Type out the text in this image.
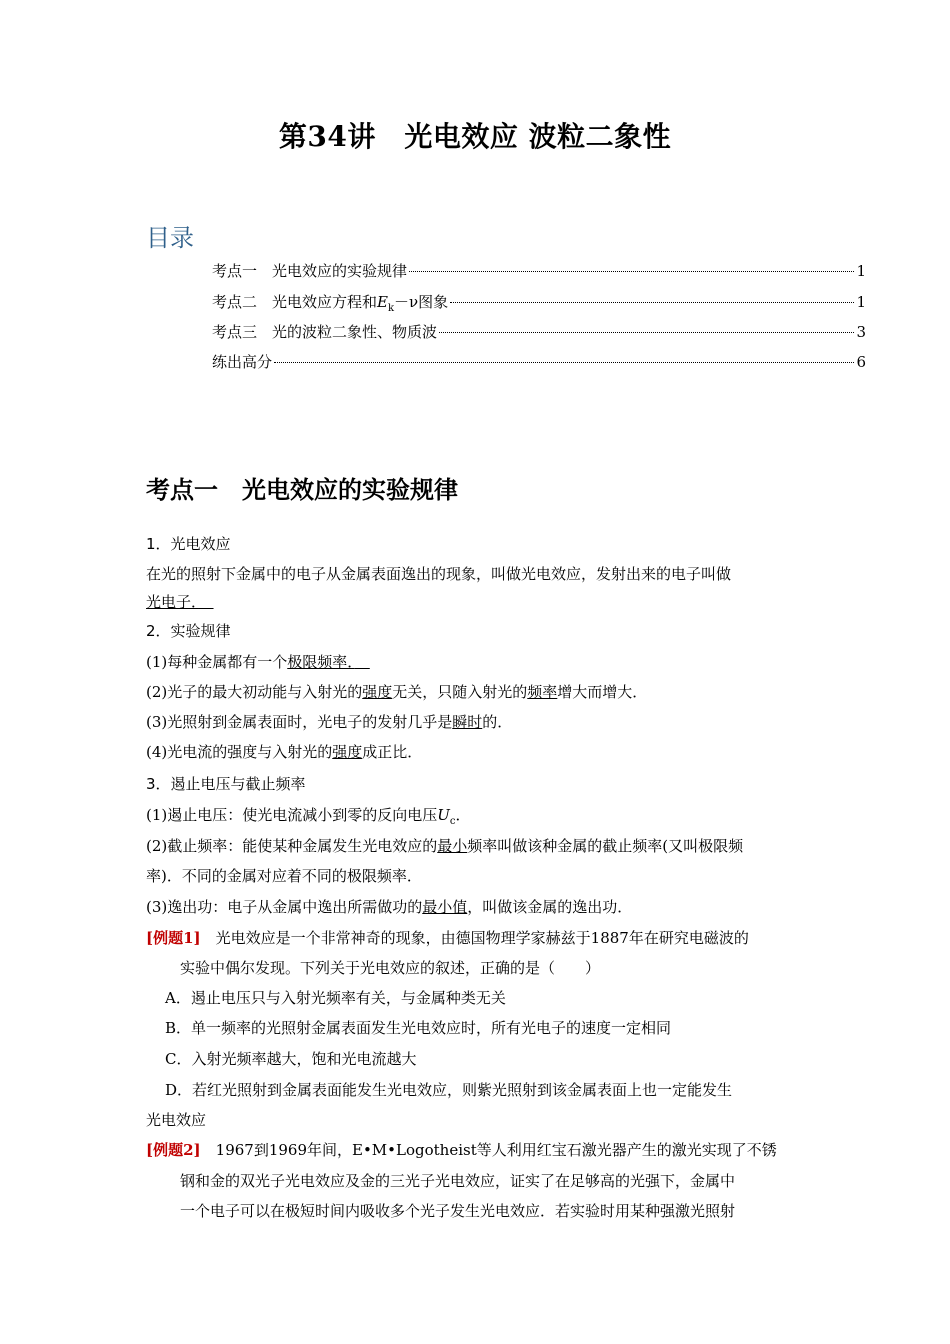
第34讲　光电效应 波粒二象性
目录
考点一　光电效应的实验规律	1
考点二　光电效应方程和$E_k-\nu$图象	1
考点三　光的波粒二象性、物质波	3
练出高分	6
考点一　光电效应的实验规律
1．光电效应
在光的照射下金属中的电子从金属表面逸出的现象，叫做光电效应，发射出来的电子叫做
光电子．　
2．实验规律
(1)每种金属都有一个极限频率．　
(2)光子的最大初动能与入射光的强度无关，只随入射光的频率增大而增大．
(3)光照射到金属表面时，光电子的发射几乎是瞬时的．
(4)光电流的强度与入射光的强度成正比．
3．遏止电压与截止频率
(1)遏止电压：使光电流减小到零的反向电压$U_c$．
(2)截止频率：能使某种金属发生光电效应的最小频率叫做该种金属的截止频率(又叫极限频
率)．不同的金属对应着不同的极限频率．
(3)逸出功：电子从金属中逸出所需做功的最小值，叫做该金属的逸出功．
[例题1]　 光电效应是一个非常神奇的现象，由德国物理学家赫兹于1887年在研究电磁波的
实验中偶尔发现。下列关于光电效应的叙述，正确的是（　　）
A．遏止电压只与入射光频率有关，与金属种类无关
B．单一频率的光照射金属表面发生光电效应时，所有光电子的速度一定相同
C．入射光频率越大，饱和光电流越大
D．若红光照射到金属表面能发生光电效应，则紫光照射到该金属表面上也一定能发生
光电效应
[例题2]　 1967到1969年间，E•M•Logotheist等人利用红宝石激光器产生的激光实现了不锈
钢和金的双光子光电效应及金的三光子光电效应，证实了在足够高的光强下，金属中
一个电子可以在极短时间内吸收多个光子发生光电效应．若实验时用某种强激光照射
